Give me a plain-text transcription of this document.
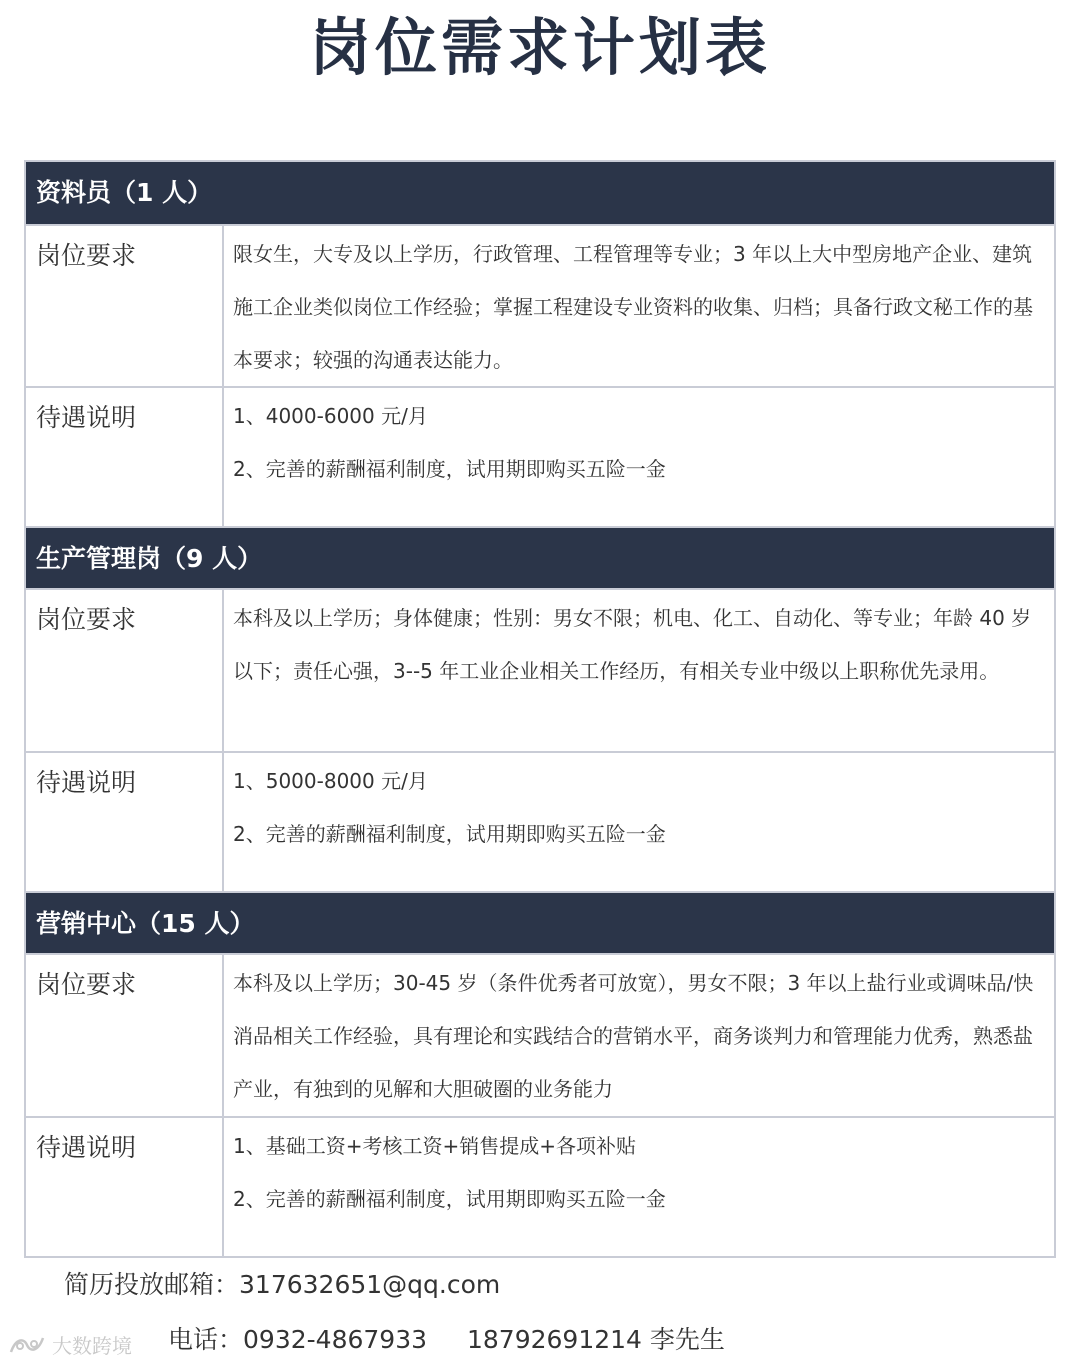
岗位需求计划表
资料员（1 人）
岗位要求	限女生，大专及以上学历，行政管理、工程管理等专业；3 年以上大中型房地产企业、建筑施工企业类似岗位工作经验；掌握工程建设专业资料的收集、归档；具备行政文秘工作的基本要求；较强的沟通表达能力。
待遇说明	1、4000-6000 元/月
2、完善的薪酬福利制度，试用期即购买五险一金
生产管理岗（9 人）
岗位要求	本科及以上学历；身体健康；性别：男女不限；机电、化工、自动化、等专业；年龄 40 岁以下；责任心强，3--5 年工业企业相关工作经历，有相关专业中级以上职称优先录用。
待遇说明	1、5000-8000 元/月
2、完善的薪酬福利制度，试用期即购买五险一金
营销中心（15 人）
岗位要求	本科及以上学历；30-45 岁（条件优秀者可放宽），男女不限；3 年以上盐行业或调味品/快消品相关工作经验，具有理论和实践结合的营销水平，商务谈判力和管理能力优秀，熟悉盐产业，有独到的见解和大胆破圈的业务能力
待遇说明	1、基础工资+考核工资+销售提成+各项补贴
2、完善的薪酬福利制度，试用期即购买五险一金
简历投放邮箱：317632651@qq.com
电话：0932-4867933 18792691214 李先生
大数跨境
